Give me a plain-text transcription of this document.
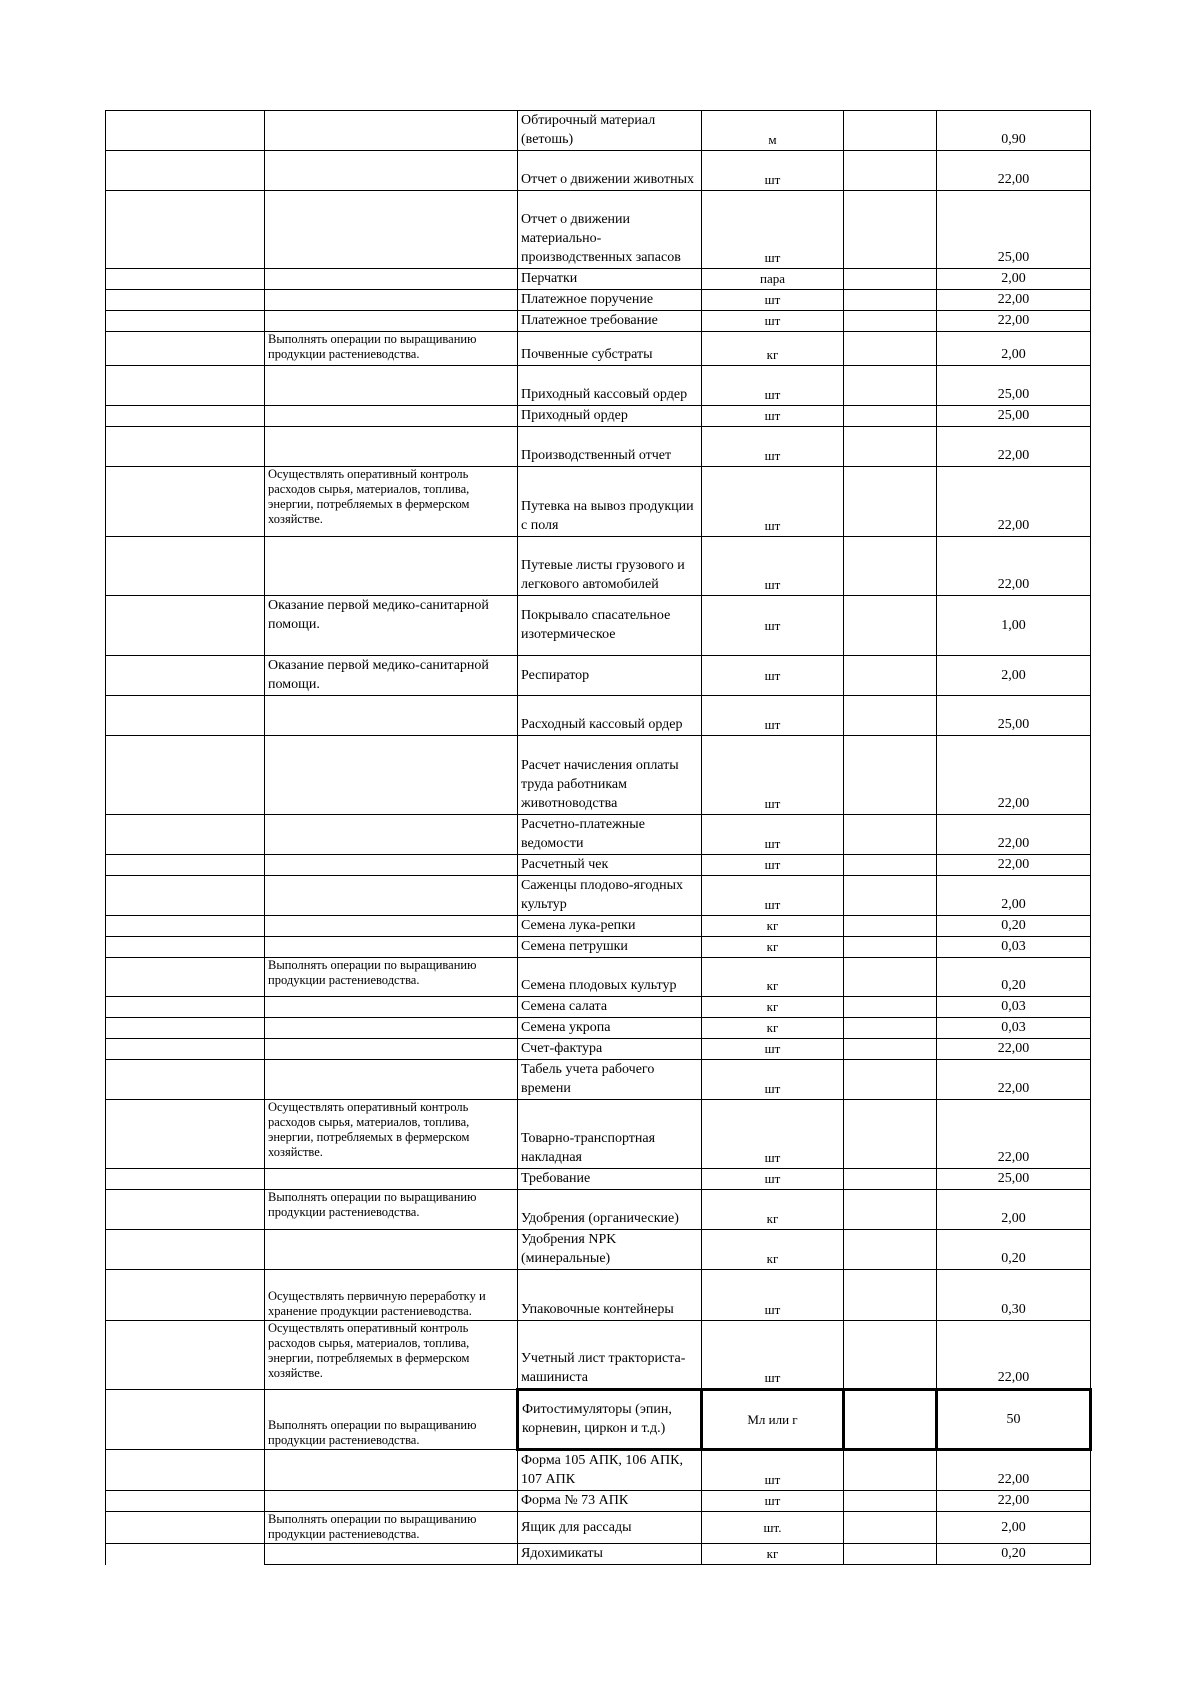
		Обтирочный материал (ветошь)	м		0,90
		Отчет о движении животных	шт		22,00
		Отчет о движении материально-производственных запасов	шт		25,00
		Перчатки	пара		2,00
		Платежное поручение	шт		22,00
		Платежное требование	шт		22,00
	Выполнять операции по выращиванию продукции растениеводства.	Почвенные субстраты	кг		2,00
		Приходный кассовый ордер	шт		25,00
		Приходный ордер	шт		25,00
		Производственный отчет	шт		22,00
	Осуществлять оперативный контроль расходов сырья, материалов, топлива, энергии, потребляемых в фермерском хозяйстве.	Путевка на вывоз продукции с поля	шт		22,00
		Путевые листы грузового и легкового автомобилей	шт		22,00
	Оказание первой медико-санитарной помощи.	Покрывало спасательное изотермическое	шт		1,00
	Оказание первой медико-санитарной помощи.	Респиратор	шт		2,00
		Расходный кассовый ордер	шт		25,00
		Расчет начисления оплаты труда работникам животноводства	шт		22,00
		Расчетно-платежные ведомости	шт		22,00
		Расчетный чек	шт		22,00
		Саженцы плодово-ягодных культур	шт		2,00
		Семена лука-репки	кг		0,20
		Семена петрушки	кг		0,03
	Выполнять операции по выращиванию продукции растениеводства.	Семена плодовых культур	кг		0,20
		Семена салата	кг		0,03
		Семена укропа	кг		0,03
		Счет-фактура	шт		22,00
		Табель учета рабочего времени	шт		22,00
	Осуществлять оперативный контроль расходов сырья, материалов, топлива, энергии, потребляемых в фермерском хозяйстве.	Товарно-транспортная накладная	шт		22,00
		Требование	шт		25,00
	Выполнять операции по выращиванию продукции растениеводства.	Удобрения (органические)	кг		2,00
		Удобрения NPK (минеральные)	кг		0,20
	Осуществлять первичную переработку и хранение продукции растениеводства.	Упаковочные контейнеры	шт		0,30
	Осуществлять оперативный контроль расходов сырья, материалов, топлива, энергии, потребляемых в фермерском хозяйстве.	Учетный лист тракториста-машиниста	шт		22,00
	Выполнять операции по выращиванию продукции растениеводства.	Фитостимуляторы (эпин, корневин, циркон и т.д.)	Мл или г		50
		Форма 105 АПК, 106 АПК, 107 АПК	шт		22,00
		Форма № 73 АПК	шт		22,00
	Выполнять операции по выращиванию продукции растениеводства.	Ящик для рассады	шт.		2,00
		Ядохимикаты	кг		0,20
